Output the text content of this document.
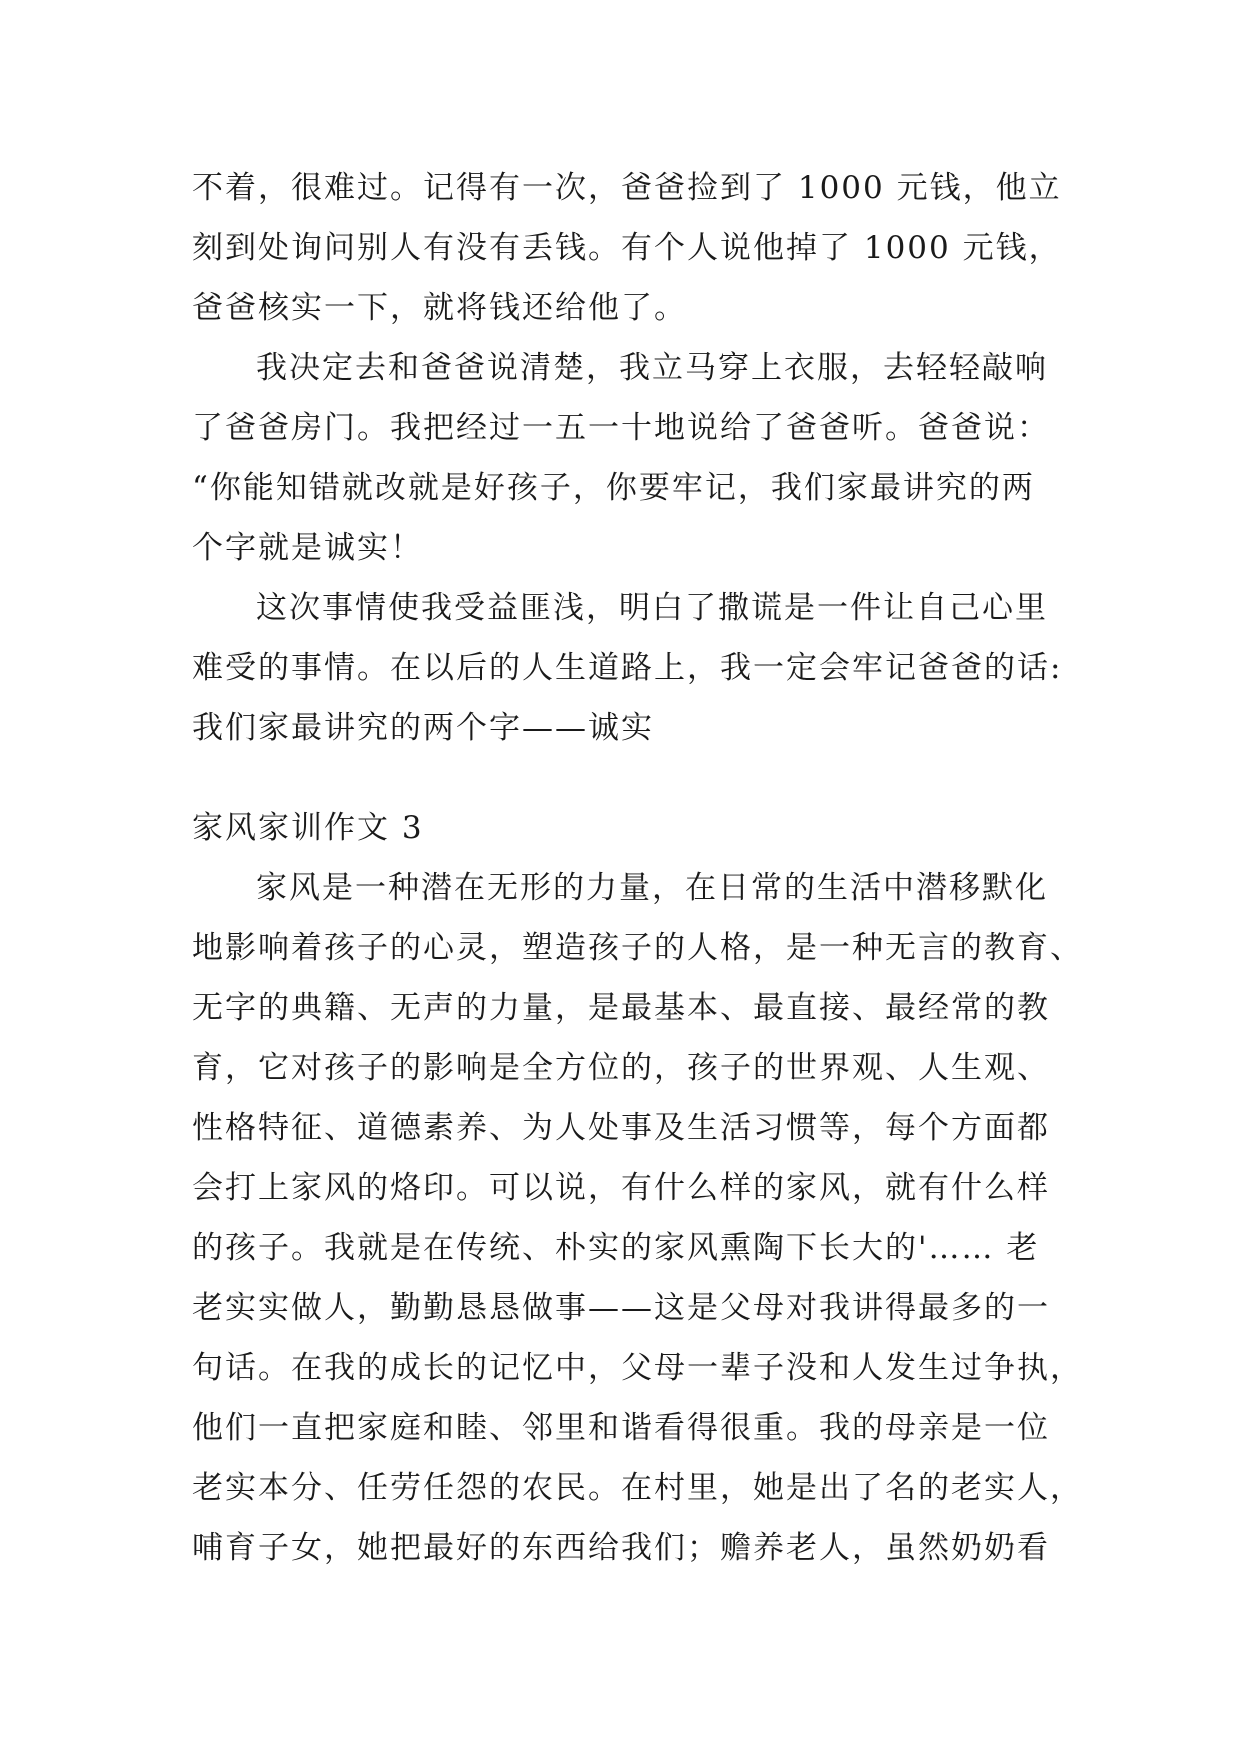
不着，很难过。记得有一次，爸爸捡到了 1000 元钱，他立
刻到处询问别人有没有丢钱。有个人说他掉了 1000 元钱，
爸爸核实一下，就将钱还给他了。
我决定去和爸爸说清楚，我立马穿上衣服，去轻轻敲响
了爸爸房门。我把经过一五一十地说给了爸爸听。爸爸说：
“你能知错就改就是好孩子，你要牢记，我们家最讲究的两
个字就是诚实！
这次事情使我受益匪浅，明白了撒谎是一件让自己心里
难受的事情。在以后的人生道路上，我一定会牢记爸爸的话:
我们家最讲究的两个字——诚实
家风家训作文 3
家风是一种潜在无形的力量，在日常的生活中潜移默化
地影响着孩子的心灵，塑造孩子的人格，是一种无言的教育、
无字的典籍、无声的力量，是最基本、最直接、最经常的教
育，它对孩子的影响是全方位的，孩子的世界观、人生观、
性格特征、道德素养、为人处事及生活习惯等，每个方面都
会打上家风的烙印。可以说，有什么样的家风，就有什么样
的孩子。我就是在传统、朴实的家风熏陶下长大的'…… 老
老实实做人，勤勤恳恳做事——这是父母对我讲得最多的一
句话。在我的成长的记忆中，父母一辈子没和人发生过争执，
他们一直把家庭和睦、邻里和谐看得很重。我的母亲是一位
老实本分、任劳任怨的农民。在村里，她是出了名的老实人，
哺育子女，她把最好的东西给我们；赡养老人，虽然奶奶看
